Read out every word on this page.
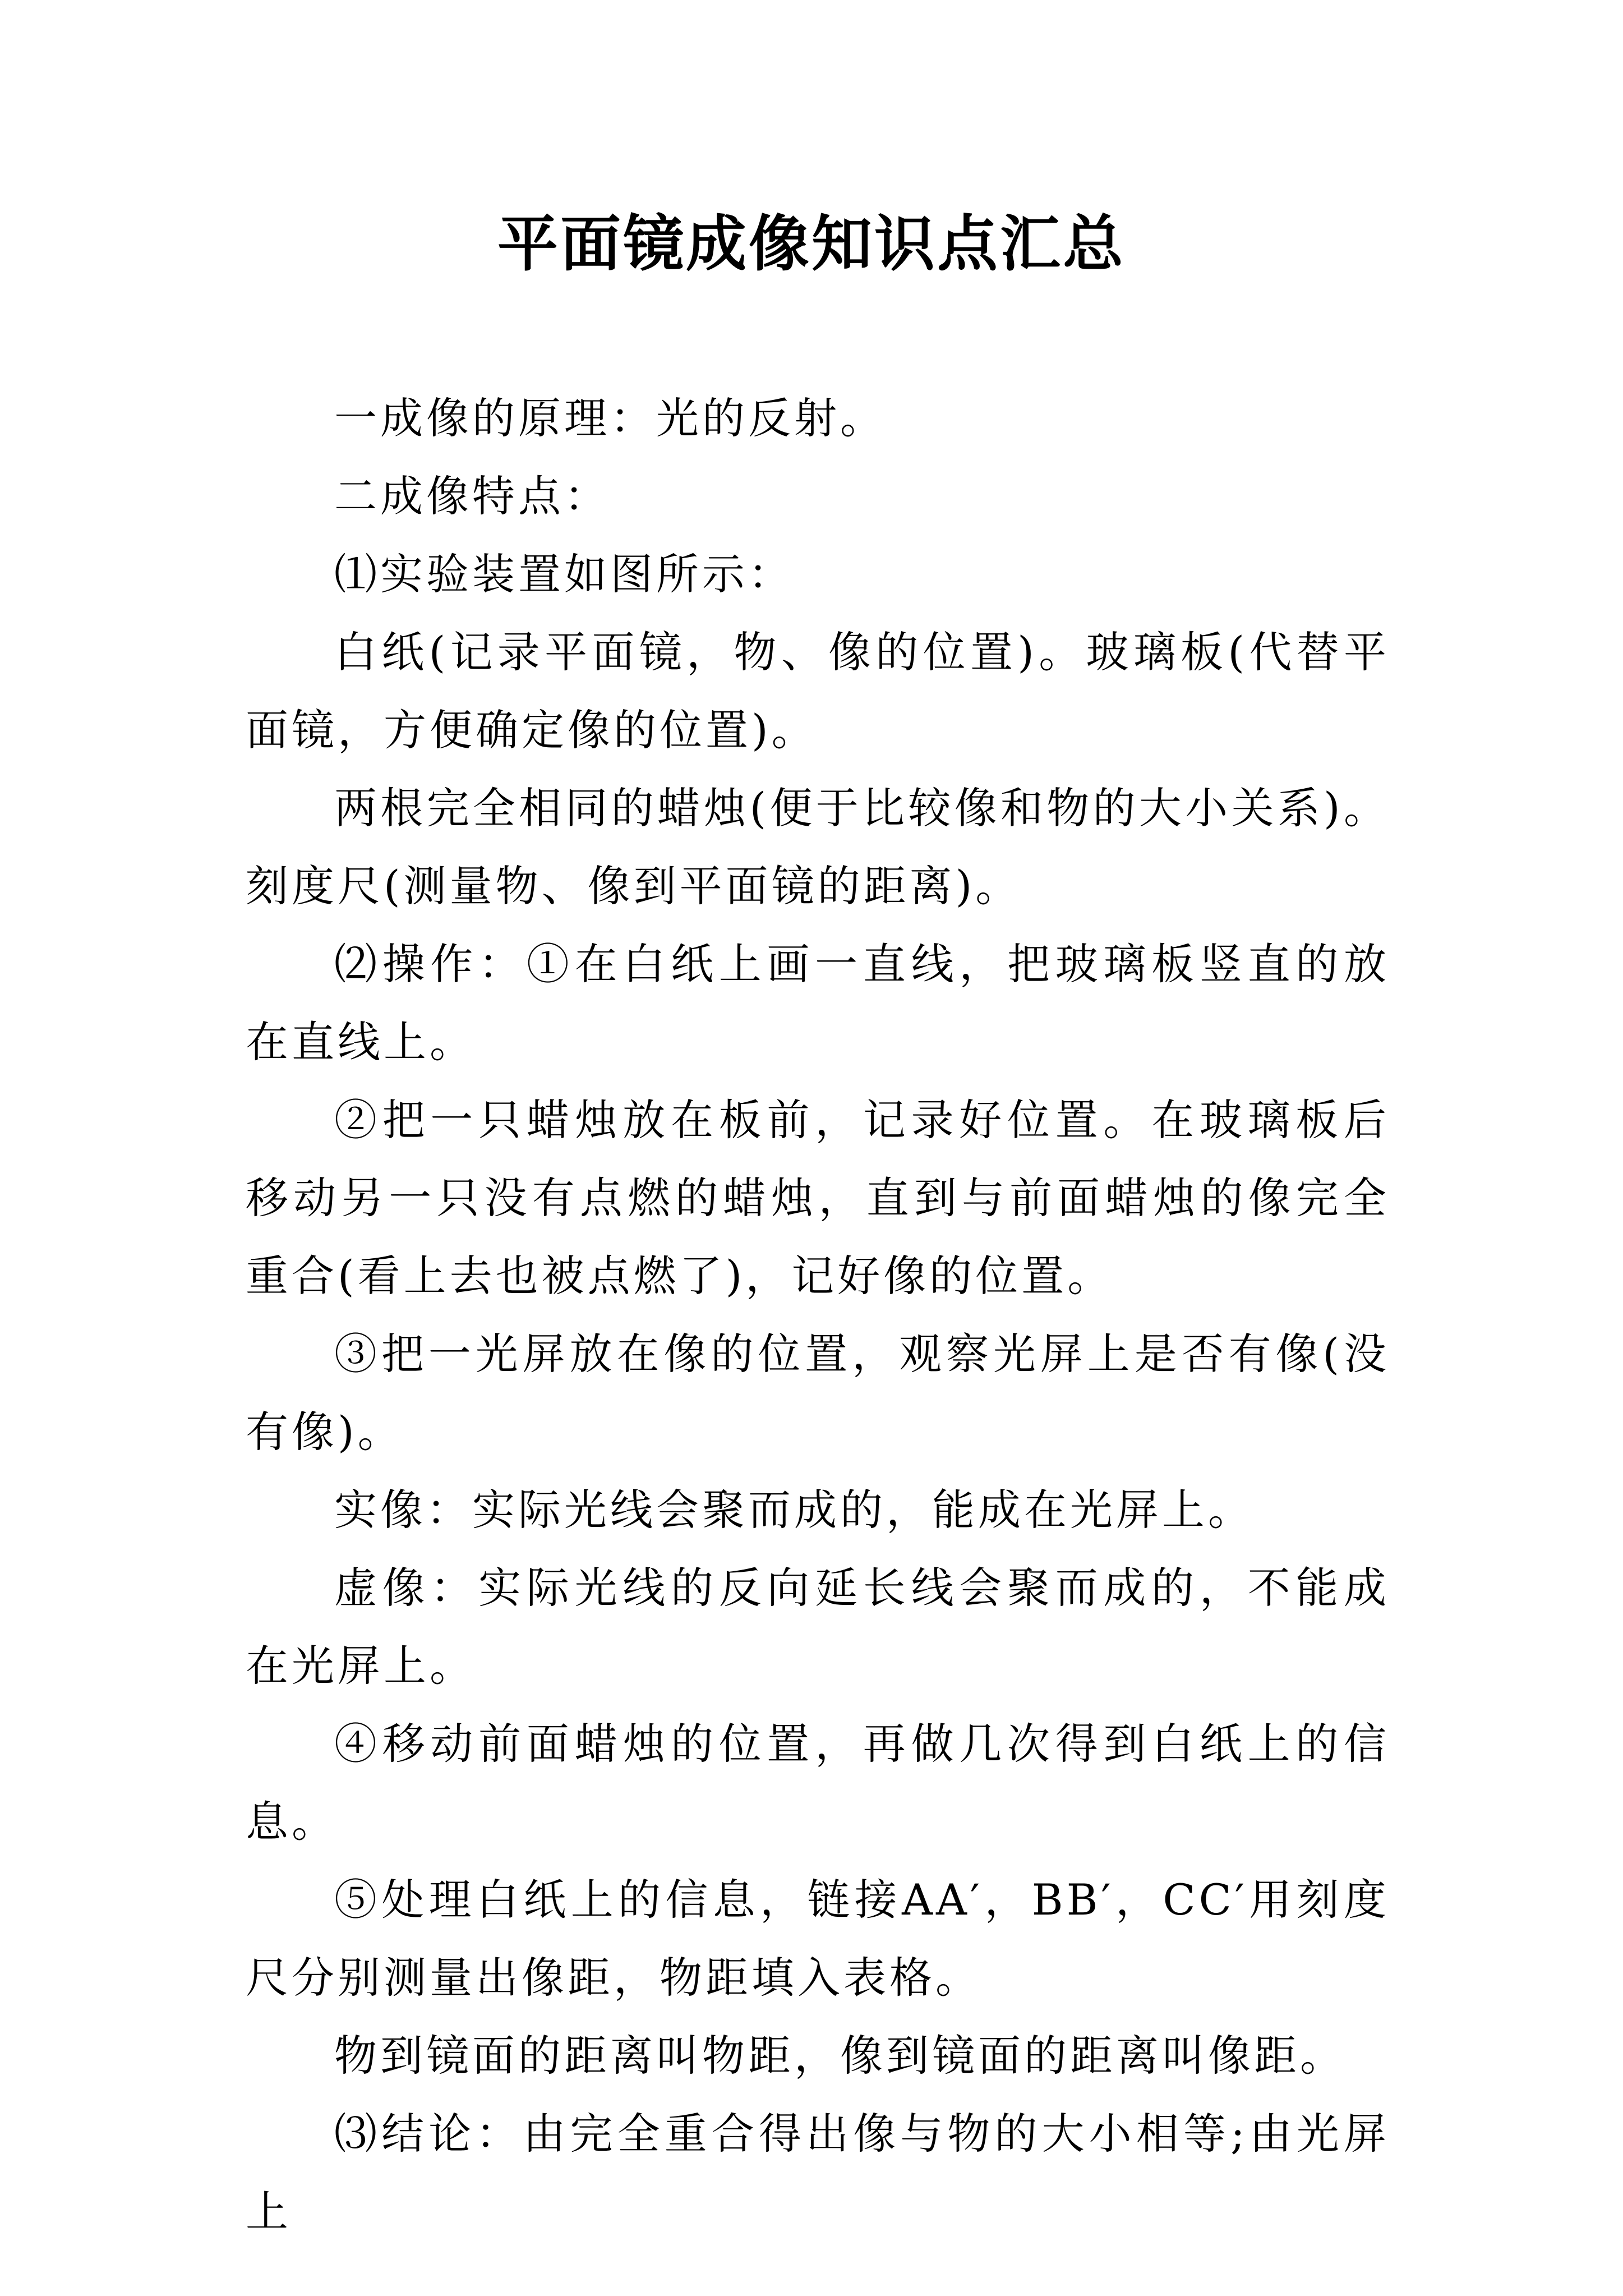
平面镜成像知识点汇总

一成像的原理：光的反射。

二成像特点：

⑴实验装置如图所示：

白纸(记录平面镜，物、像的位置)。玻璃板(代替平面镜，方便确定像的位置)。

两根完全相同的蜡烛(便于比较像和物的大小关系)。刻度尺(测量物、像到平面镜的距离)。

⑵操作：①在白纸上画一直线，把玻璃板竖直的放在直线上。

②把一只蜡烛放在板前，记录好位置。在玻璃板后移动另一只没有点燃的蜡烛，直到与前面蜡烛的像完全重合(看上去也被点燃了)，记好像的位置。

③把一光屏放在像的位置，观察光屏上是否有像(没有像)。

实像：实际光线会聚而成的，能成在光屏上。

虚像：实际光线的反向延长线会聚而成的，不能成在光屏上。

④移动前面蜡烛的位置，再做几次得到白纸上的信息。

⑤处理白纸上的信息，链接AA′，BB′，CC′用刻度尺分别测量出像距，物距填入表格。

物到镜面的距离叫物距，像到镜面的距离叫像距。

⑶结论：由完全重合得出像与物的大小相等;由光屏上
